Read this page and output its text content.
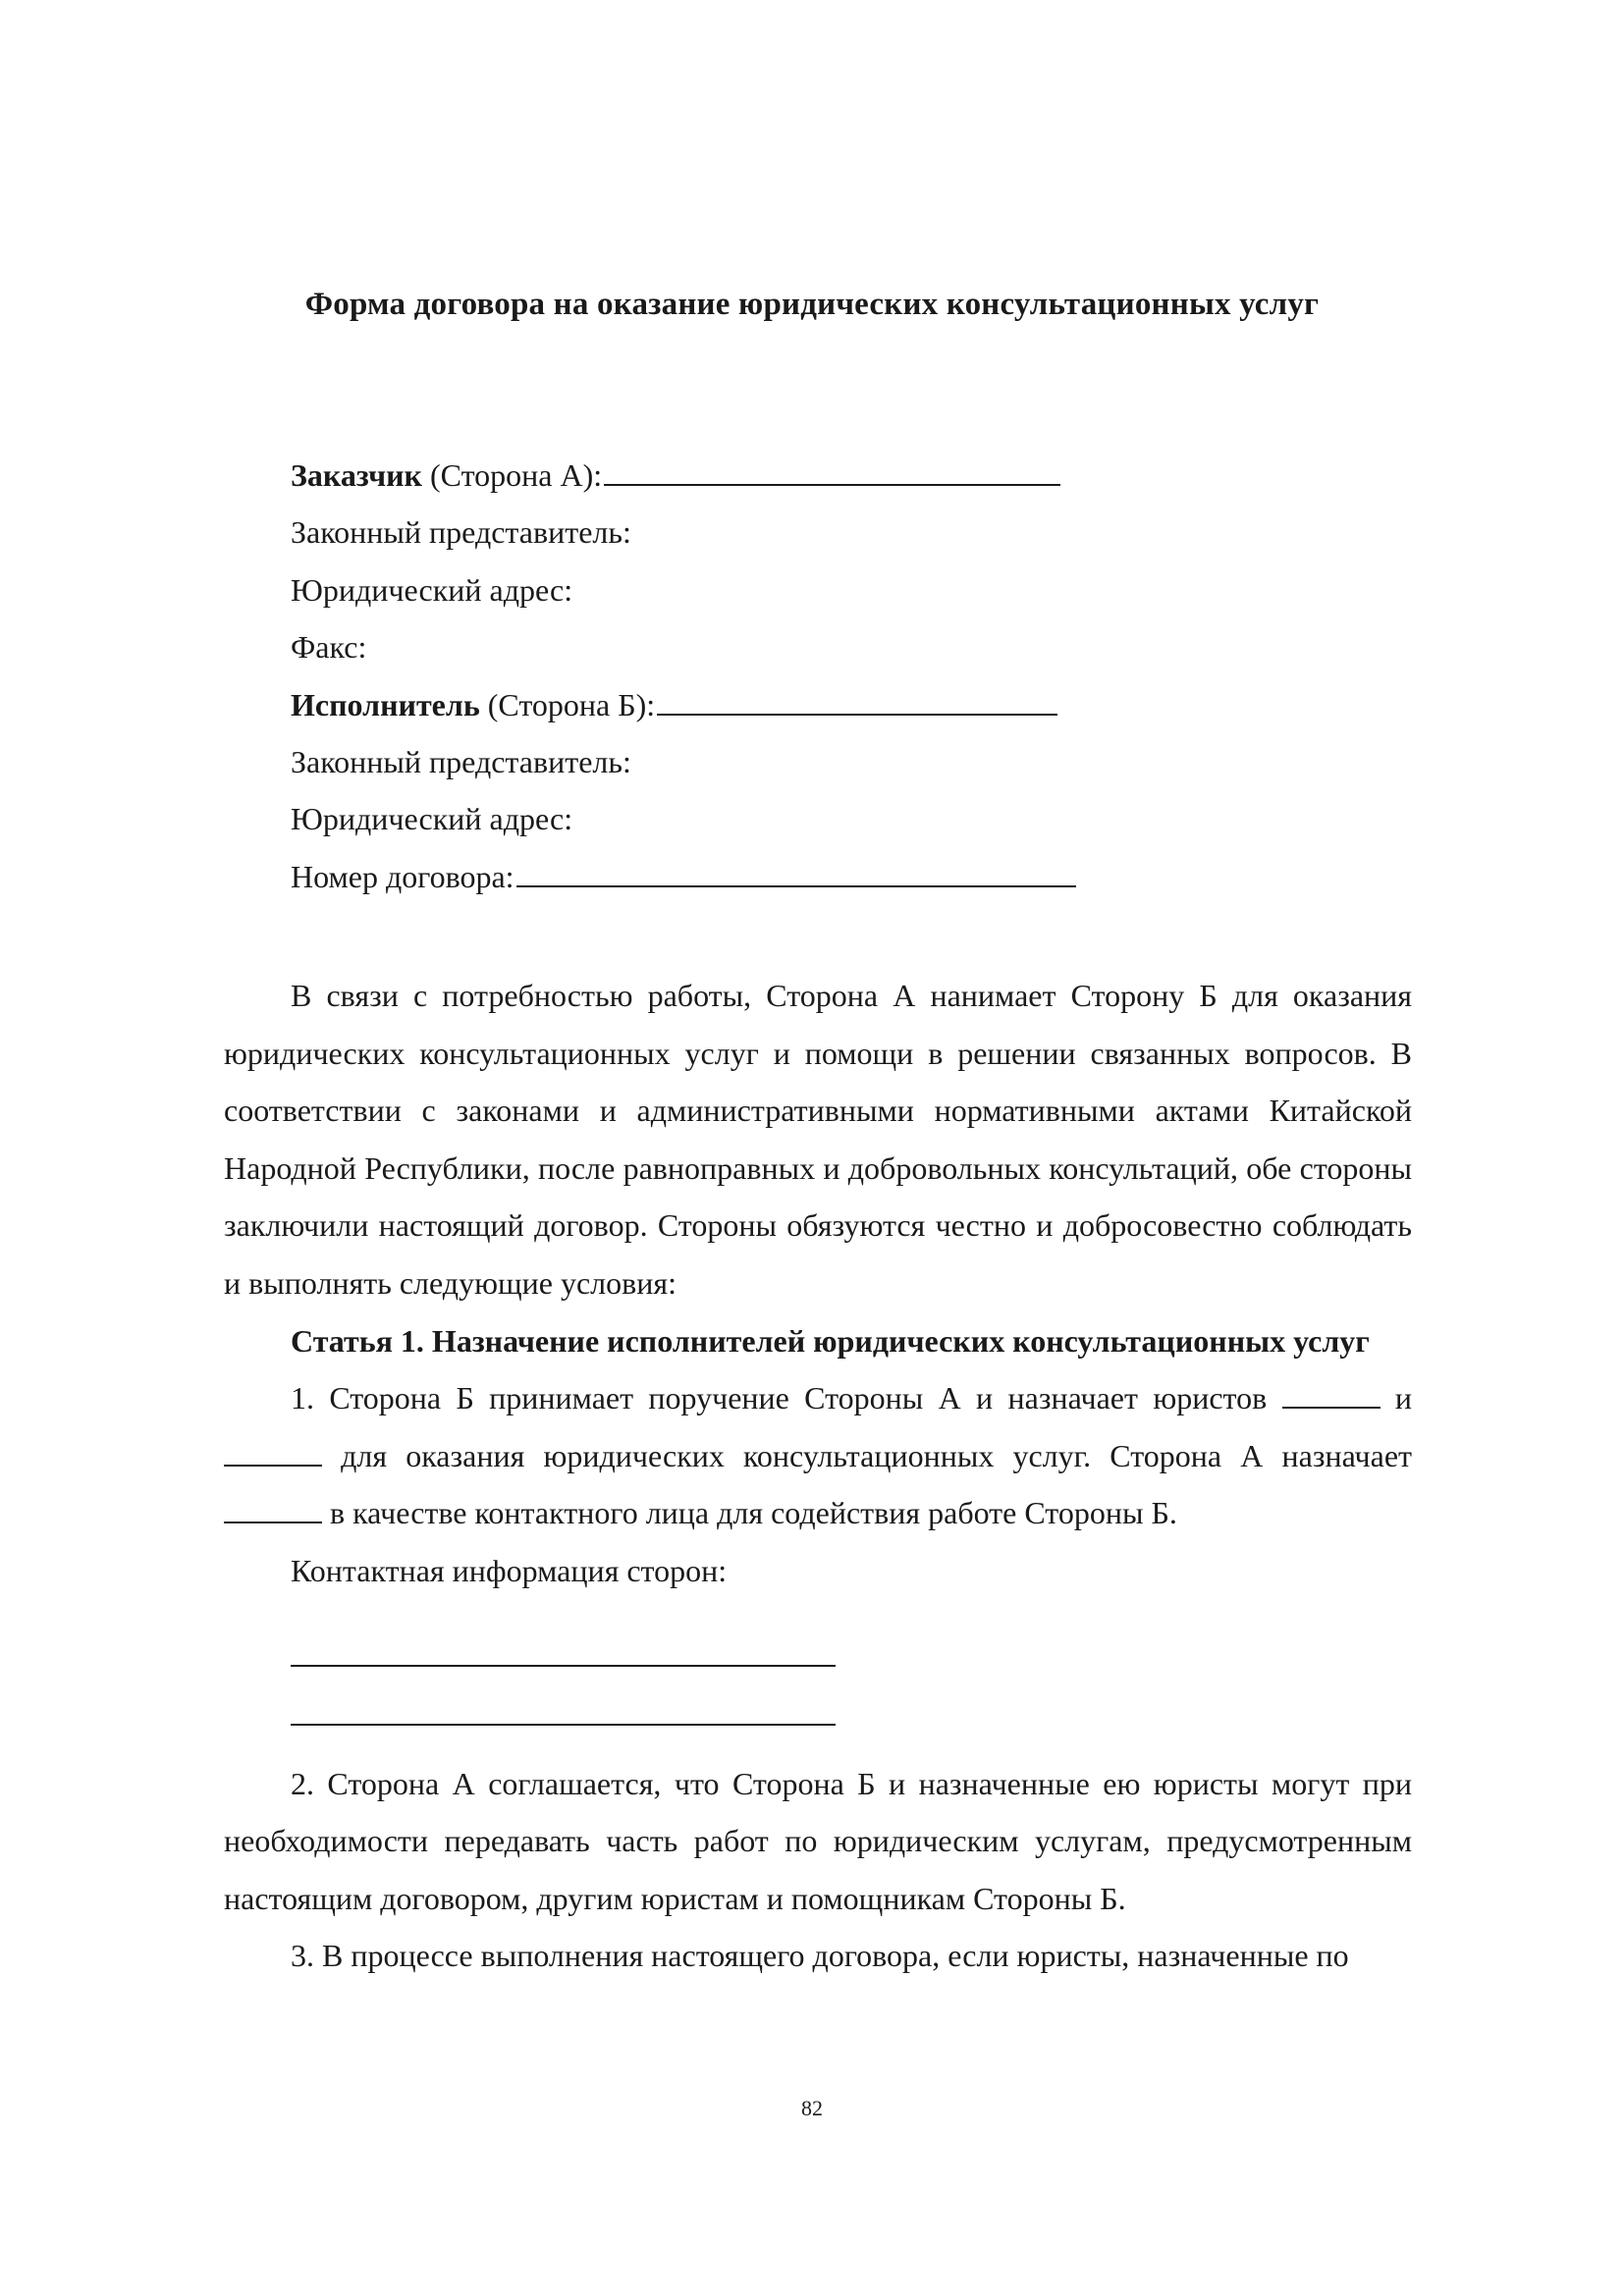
Форма договора на оказание юридических консультационных услуг
Заказчик (Сторона А):
Законный представитель:
Юридический адрес:
Факс:
Исполнитель (Сторона Б):
Законный представитель:
Юридический адрес:
Номер договора:

В связи с потребностью работы, Сторона А нанимает Сторону Б для оказания юридических консультационных услуг и помощи в решении связанных вопросов. В соответствии с законами и административными нормативными актами Китайской Народной Республики, после равноправных и добровольных консультаций, обе стороны заключили настоящий договор. Стороны обязуются честно и добросовестно соблюдать и выполнять следующие условия:

Статья 1. Назначение исполнителей юридических консультационных услуг

1. Сторона Б принимает поручение Стороны А и назначает юристов	и  для оказания юридических консультационных услуг. Сторона А назначает  в качестве контактного лица для содействия работе Стороны Б.

Контактная информация сторон:

2. Сторона А соглашается, что Сторона Б и назначенные ею юристы могут при необходимости передавать часть работ по юридическим услугам, предусмотренным настоящим договором, другим юристам и помощникам Стороны Б.

3. В процессе выполнения настоящего договора, если юристы, назначенные по

82
